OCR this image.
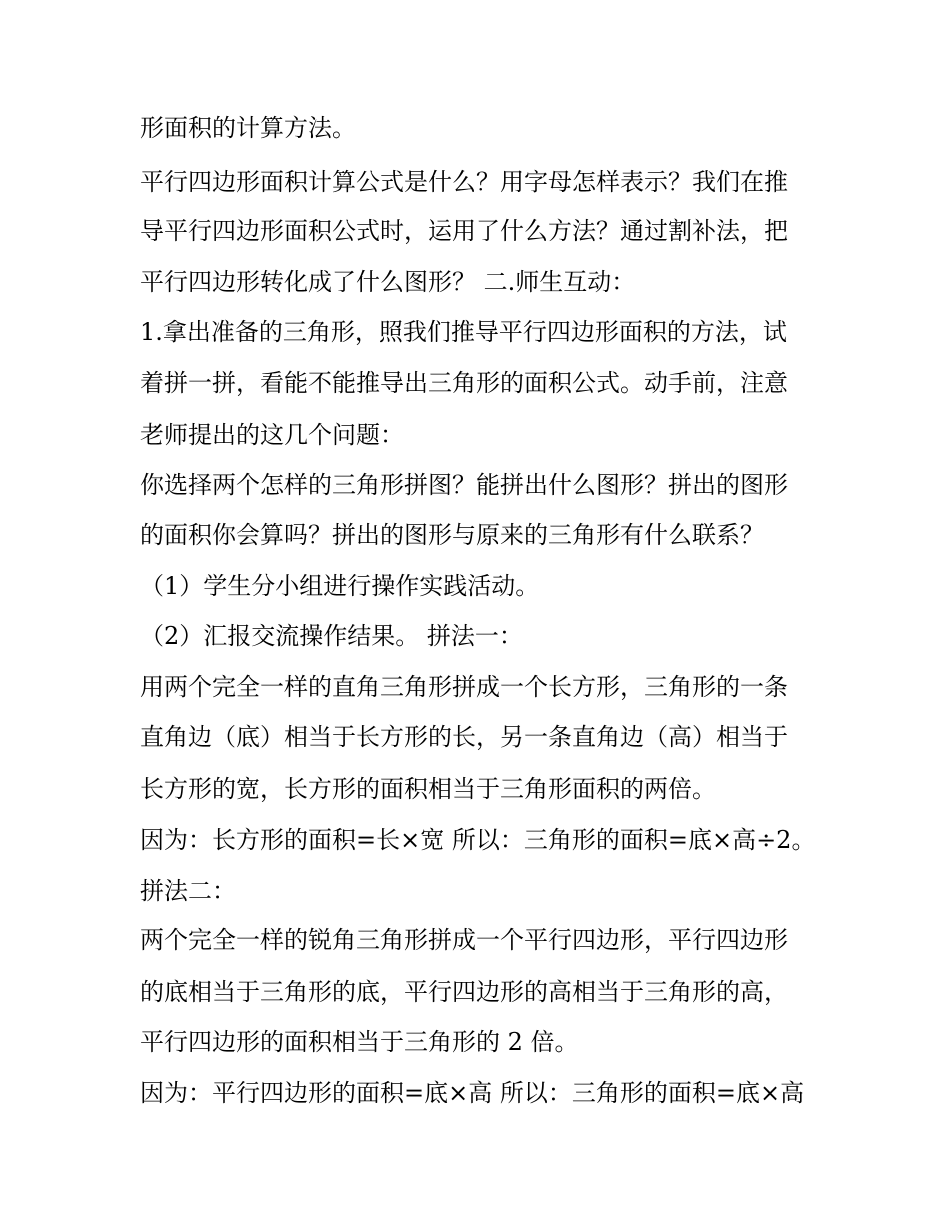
形面积的计算方法。
平行四边形面积计算公式是什么？用字母怎样表示？我们在推
导平行四边形面积公式时，运用了什么方法？通过割补法，把
平行四边形转化成了什么图形？ 二.师生互动：
1.拿出准备的三角形，照我们推导平行四边形面积的方法，试
着拼一拼，看能不能推导出三角形的面积公式。动手前，注意
老师提出的这几个问题：
你选择两个怎样的三角形拼图？能拼出什么图形？拼出的图形
的面积你会算吗？拼出的图形与原来的三角形有什么联系？
（1）学生分小组进行操作实践活动。
（2）汇报交流操作结果。 拼法一：
用两个完全一样的直角三角形拼成一个长方形，三角形的一条
直角边（底）相当于长方形的长，另一条直角边（高）相当于
长方形的宽，长方形的面积相当于三角形面积的两倍。
因为：长方形的面积=长×宽 所以：三角形的面积=底×高÷2。
拼法二：
两个完全一样的锐角三角形拼成一个平行四边形，平行四边形
的底相当于三角形的底，平行四边形的高相当于三角形的高，
平行四边形的面积相当于三角形的 2 倍。
因为：平行四边形的面积=底×高 所以：三角形的面积=底×高
